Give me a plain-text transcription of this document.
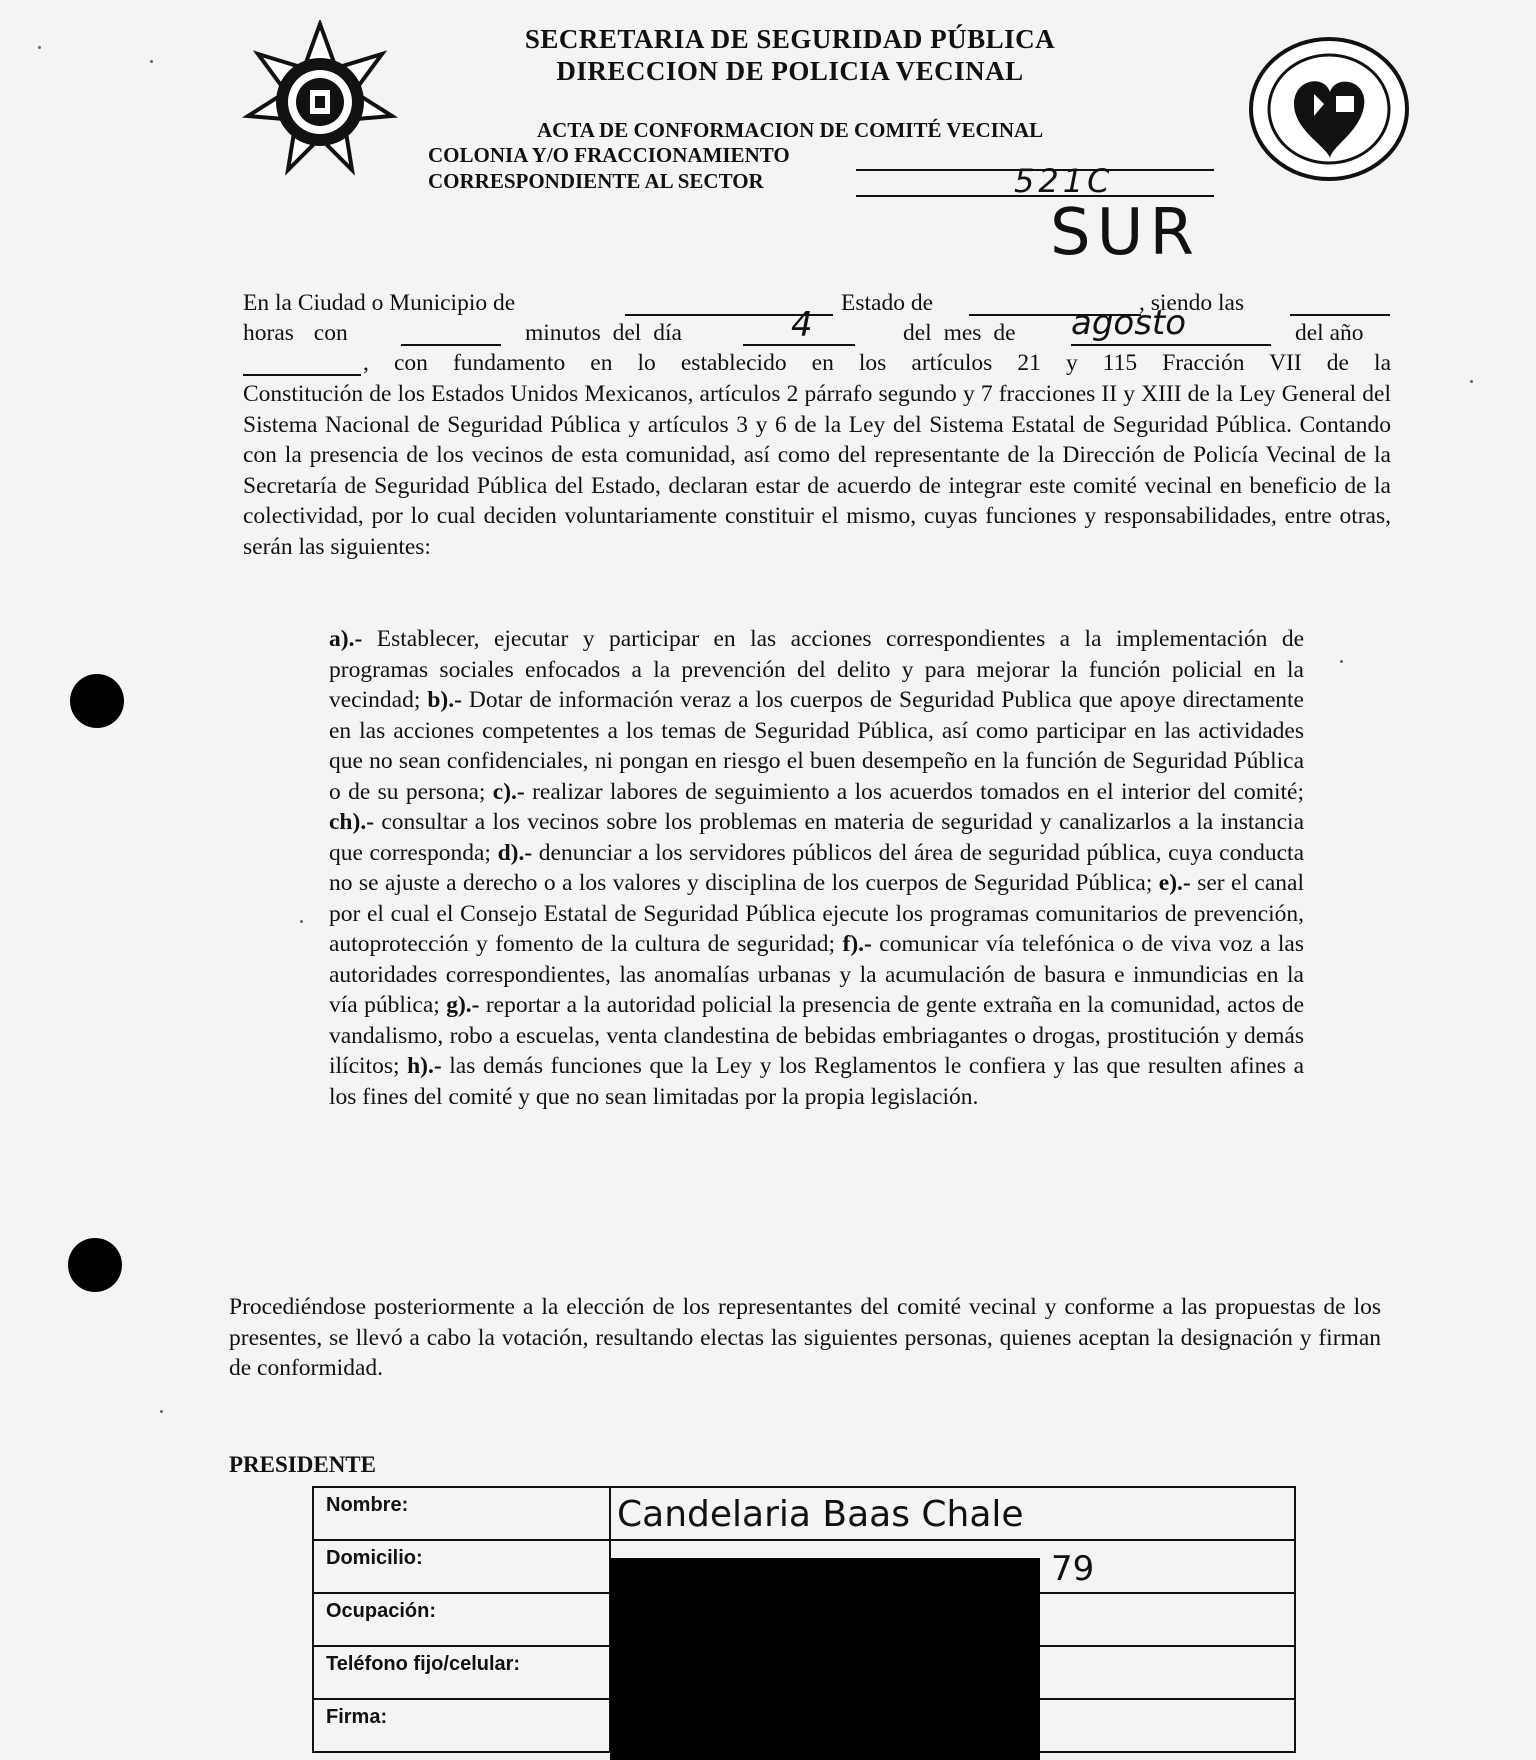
SECRETARIA DE SEGURIDAD PÚBLICA
DIRECCION DE POLICIA VECINAL
ACTA DE CONFORMACION DE COMITÉ VECINAL
COLONIA Y/O FRACCIONAMIENTO
CORRESPONDIENTE AL SECTOR	521C
SUR
En la Ciudad o Municipio de	Estado de	, siendo las
horas con	minutos del día	4	del mes de agosto	del año
, con fundamento en lo establecido en los artículos 21 y 115 Fracción VII de la
Constitución de los Estados Unidos Mexicanos, artículos 2 párrafo segundo y 7 fracciones II y XIII de la Ley General del Sistema Nacional de Seguridad Pública y artículos 3 y 6 de la Ley del Sistema Estatal de Seguridad Pública. Contando con la presencia de los vecinos de esta comunidad, así como del representante de la Dirección de Policía Vecinal de la Secretaría de Seguridad Pública del Estado, declaran estar de acuerdo de integrar este comité vecinal en beneficio de la colectividad, por lo cual deciden voluntariamente constituir el mismo, cuyas funciones y responsabilidades, entre otras, serán las siguientes:
a).- Establecer, ejecutar y participar en las acciones correspondientes a la implementación de programas sociales enfocados a la prevención del delito y para mejorar la función policial en la vecindad; b).- Dotar de información veraz a los cuerpos de Seguridad Publica que apoye directamente en las acciones competentes a los temas de Seguridad Pública, así como participar en las actividades que no sean confidenciales, ni pongan en riesgo el buen desempeño en la función de Seguridad Pública o de su persona; c).- realizar labores de seguimiento a los acuerdos tomados en el interior del comité; ch).- consultar a los vecinos sobre los problemas en materia de seguridad y canalizarlos a la instancia que corresponda; d).- denunciar a los servidores públicos del área de seguridad pública, cuya conducta no se ajuste a derecho o a los valores y disciplina de los cuerpos de Seguridad Pública; e).- ser el canal por el cual el Consejo Estatal de Seguridad Pública ejecute los programas comunitarios de prevención, autoprotección y fomento de la cultura de seguridad; f).- comunicar vía telefónica o de viva voz a las autoridades correspondientes, las anomalías urbanas y la acumulación de basura e inmundicias en la vía pública; g).- reportar a la autoridad policial la presencia de gente extraña en la comunidad, actos de vandalismo, robo a escuelas, venta clandestina de bebidas embriagantes o drogas, prostitución y demás ilícitos; h).- las demás funciones que la Ley y los Reglamentos le confiera y las que resulten afines a los fines del comité y que no sean limitadas por la propia legislación.
Procediéndose posteriormente a la elección de los representantes del comité vecinal y conforme a las propuestas de los presentes, se llevó a cabo la votación, resultando electas las siguientes personas, quienes aceptan la designación y firman de conformidad.
PRESIDENTE
Nombre:	Candelaria Baas Chale

Domicilio:	79

Ocupación:	
Teléfono fijo/celular:	
Firma:	
